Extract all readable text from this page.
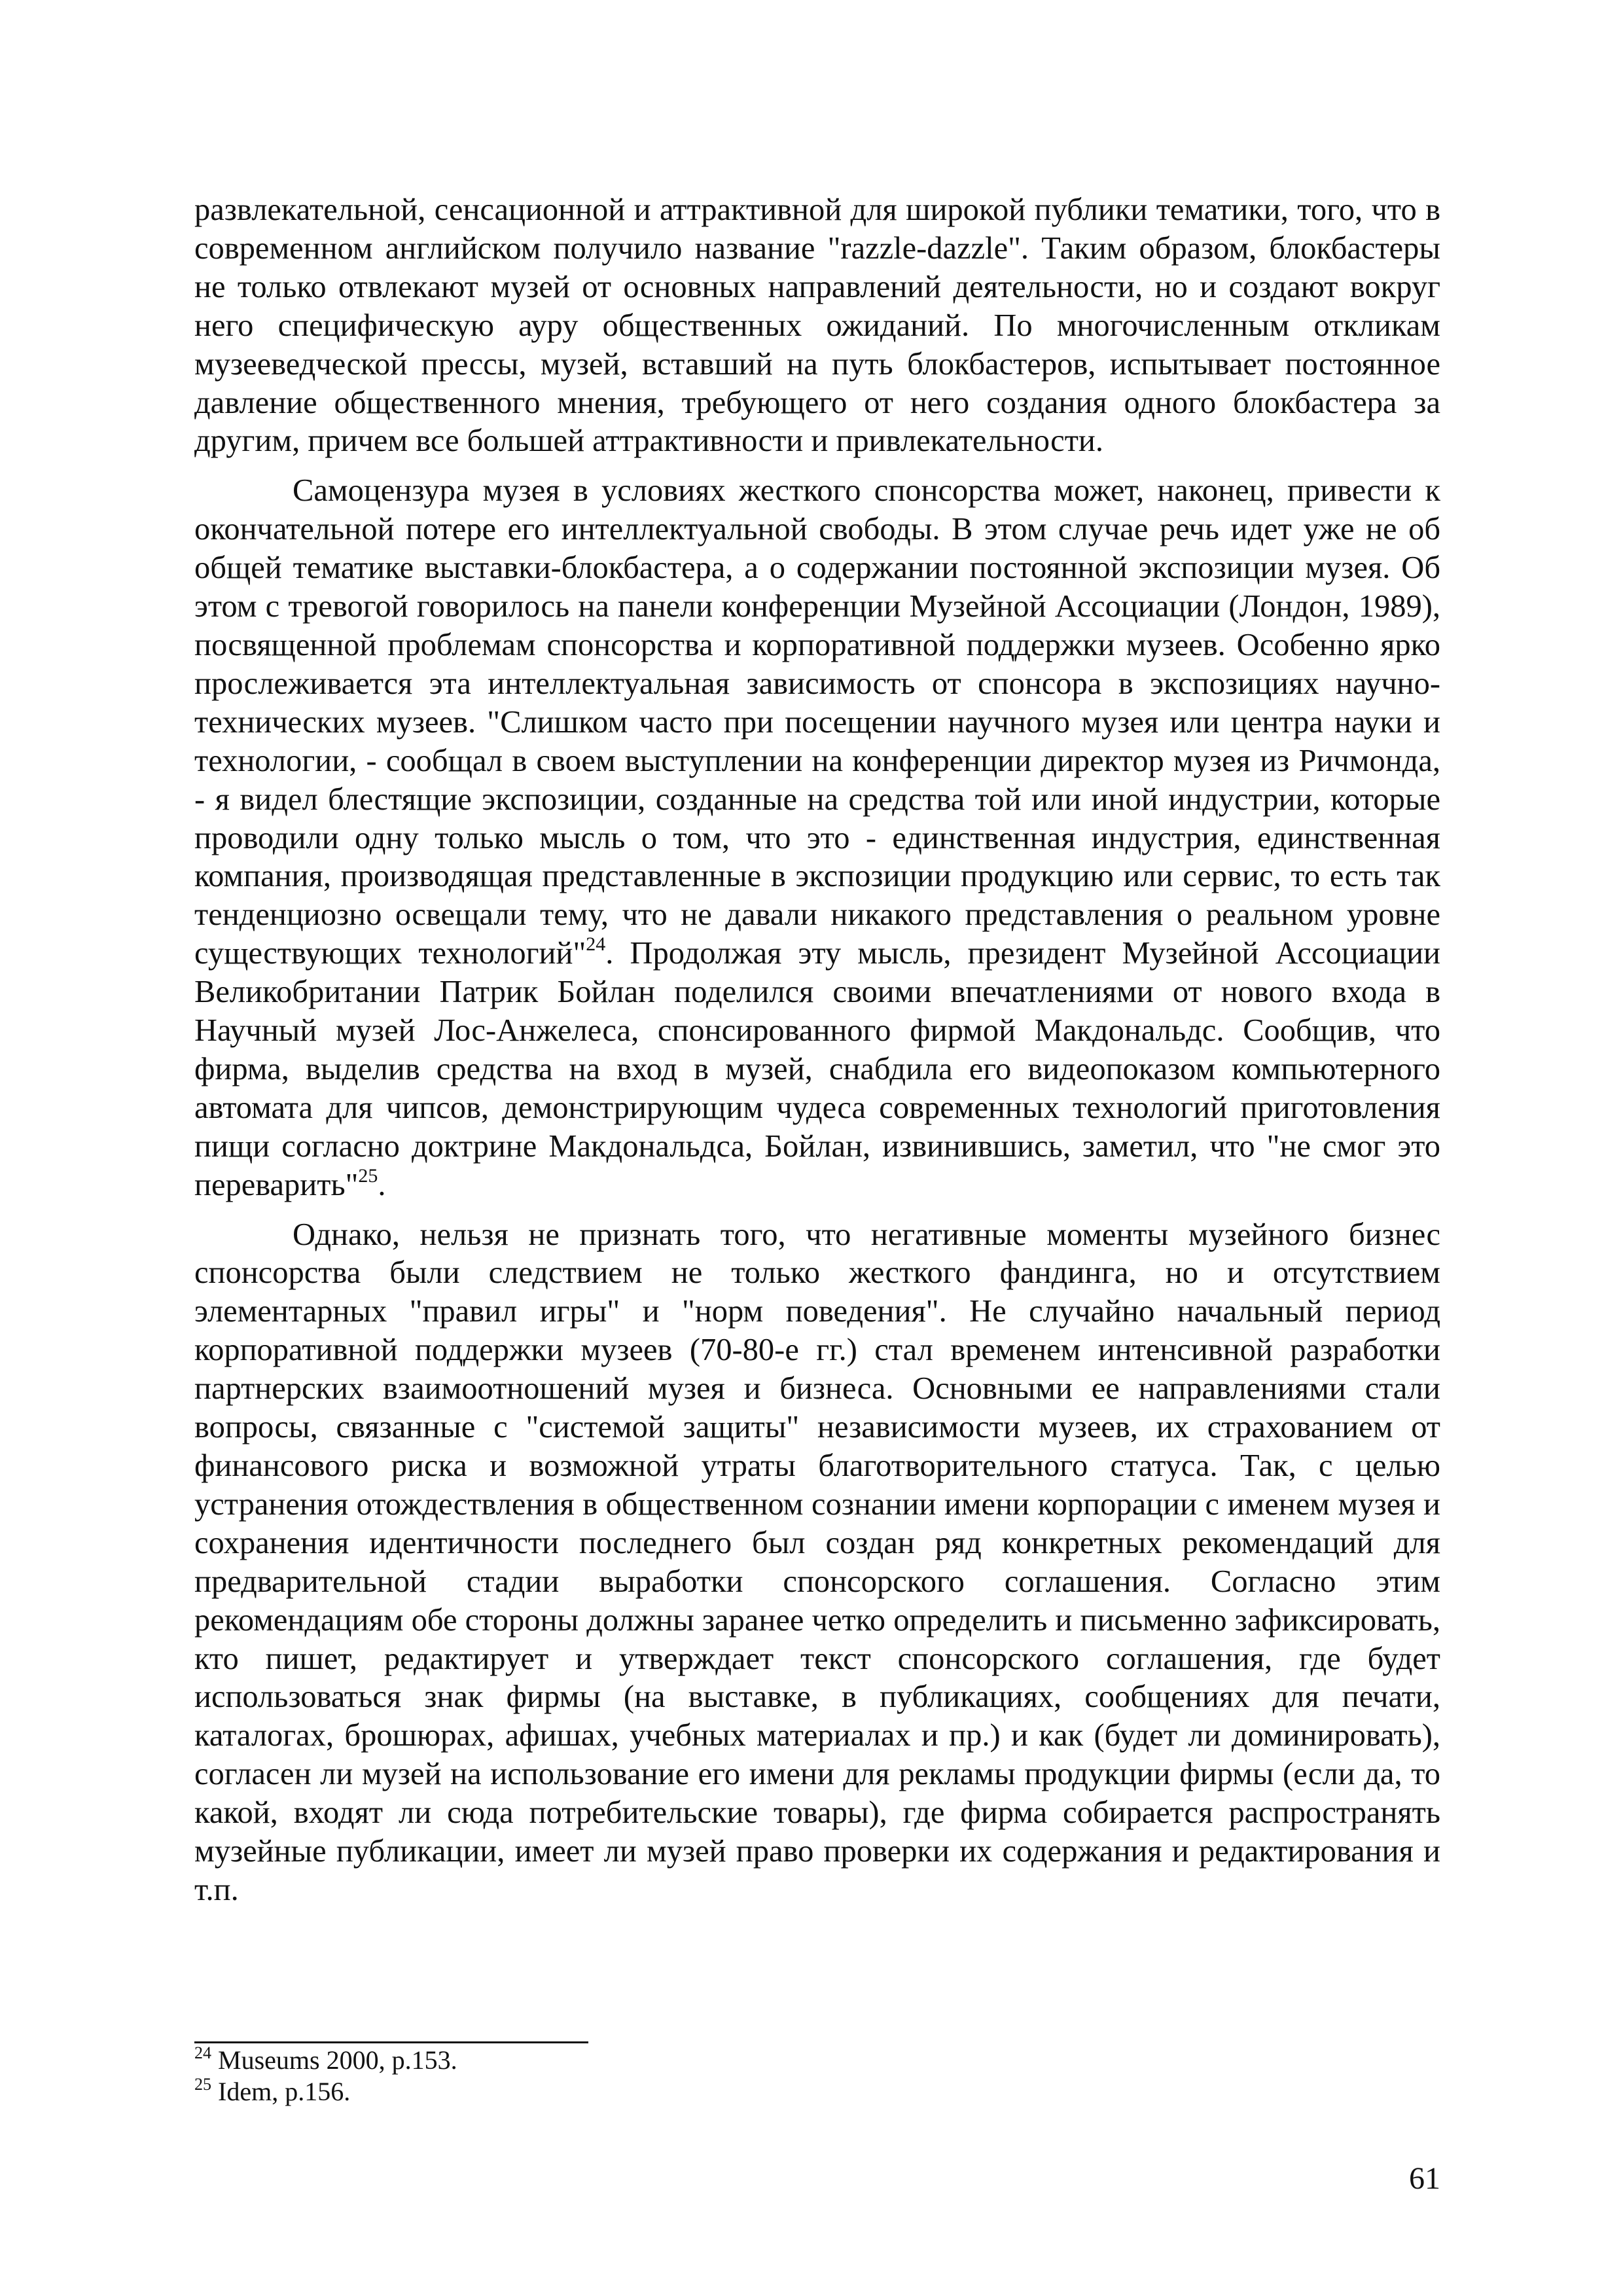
развлекательной, сенсационной и аттрактивной для широкой публики тематики, того, что в современном английском получило название "razzle-dazzle". Таким образом, блокбастеры не только отвлекают музей от основных направлений деятельности, но и создают вокруг него специфическую ауру общественных ожиданий. По многочисленным откликам музееведческой прессы, музей, вставший на путь блокбастеров, испытывает постоянное давление общественного мнения, требующего от него создания одного блокбастера за другим, причем все большей аттрактивности и привлекательности.

Самоцензура музея в условиях жесткого спонсорства может, наконец, привести к окончательной потере его интеллектуальной свободы. В этом случае речь идет уже не об общей тематике выставки-блокбастера, а о содержании постоянной экспозиции музея. Об этом с тревогой говорилось на панели конференции Музейной Ассоциации (Лондон, 1989), посвященной проблемам спонсорства и корпоративной поддержки музеев. Особенно ярко прослеживается эта интеллектуальная зависимость от спонсора в экспозициях научно-технических музеев. "Слишком часто при посещении научного музея или центра науки и технологии, - сообщал в своем выступлении на конференции директор музея из Ричмонда, - я видел блестящие экспозиции, созданные на средства той или иной индустрии, которые проводили одну только мысль о том, что это - единственная индустрия, единственная компания, производящая представленные в экспозиции продукцию или сервис, то есть так тенденциозно освещали тему, что не давали никакого представления о реальном уровне существующих технологий"$^{24}$. Продолжая эту мысль, президент Музейной Ассоциации Великобритании Патрик Бойлан поделился своими впечатлениями от нового входа в Научный музей Лос-Анжелеса, спонсированного фирмой Макдональдс. Сообщив, что фирма, выделив средства на вход в музей, снабдила его видеопоказом компьютерного автомата для чипсов, демонстрирующим чудеса современных технологий приготовления пищи согласно доктрине Макдональдса, Бойлан, извинившись, заметил, что "не смог это переварить"$^{25}$.

Однако, нельзя не признать того, что негативные моменты музейного бизнес спонсорства были следствием не только жесткого фандинга, но и отсутствием элементарных "правил игры" и "норм поведения". Не случайно начальный период корпоративной поддержки музеев (70-80-е гг.) стал временем интенсивной разработки партнерских взаимоотношений музея и бизнеса. Основными ее направлениями стали вопросы, связанные с "системой защиты" независимости музеев, их страхованием от финансового риска и возможной утраты благотворительного статуса. Так, с целью устранения отождествления в общественном сознании имени корпорации с именем музея и сохранения идентичности последнего был создан ряд конкретных рекомендаций для предварительной стадии выработки спонсорского соглашения. Согласно этим рекомендациям обе стороны должны заранее четко определить и письменно зафиксировать, кто пишет, редактирует и утверждает текст спонсорского соглашения, где будет использоваться знак фирмы (на выставке, в публикациях, сообщениях для печати, каталогах, брошюрах, афишах, учебных материалах и пр.) и как (будет ли доминировать), согласен ли музей на использование его имени для рекламы продукции фирмы (если да, то какой, входят ли сюда потребительские товары), где фирма собирается распространять музейные публикации, имеет ли музей право проверки их содержания и редактирования и т.п.

$^{24}$ Museums 2000, p.153.

$^{25}$ Idem, p.156.

61
